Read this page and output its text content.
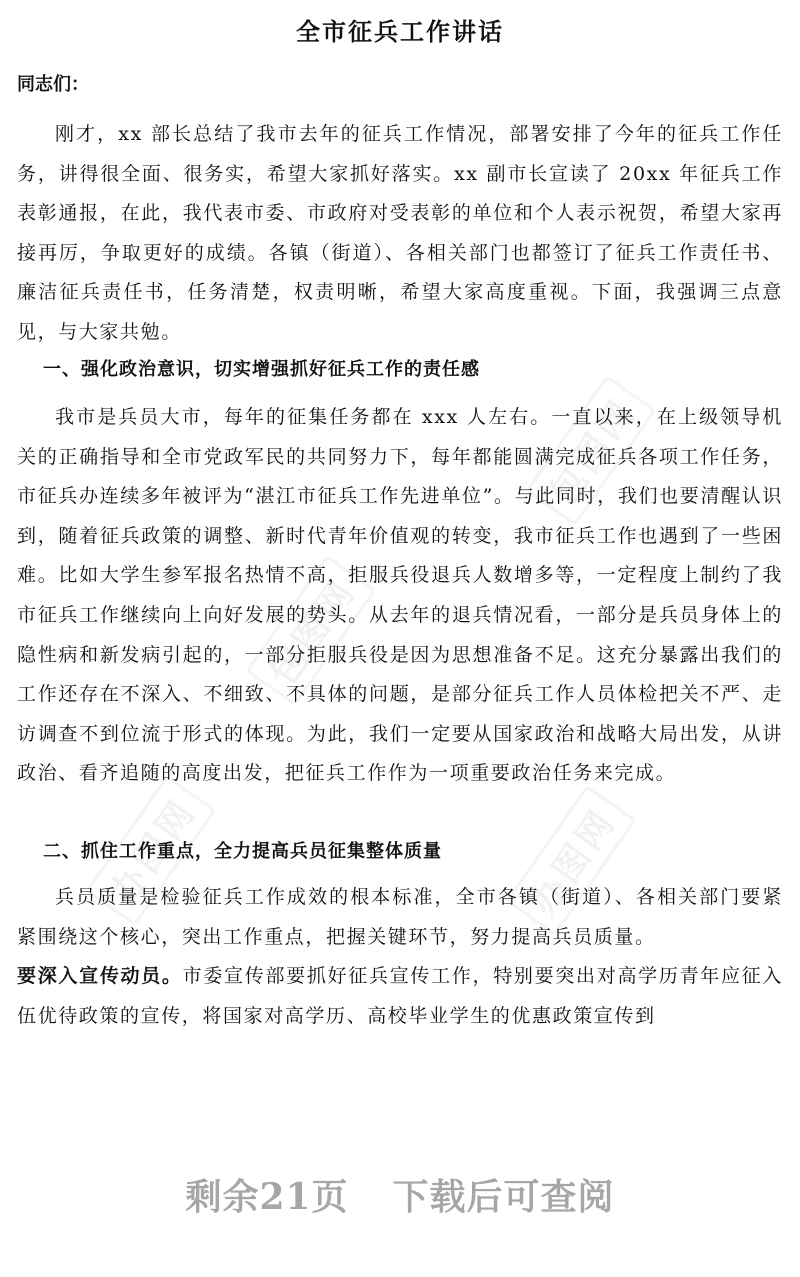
包图网
包图网
办图网	办图网
全市征兵工作讲话
同志们：

刚才，xx 部长总结了我市去年的征兵工作情况，部署安排了今年的征兵工作任务，讲得很全面、很务实，希望大家抓好落实。xx 副市长宣读了 20xx 年征兵工作表彰通报，在此，我代表市委、市政府对受表彰的单位和个人表示祝贺，希望大家再接再厉，争取更好的成绩。各镇（街道）、各相关部门也都签订了征兵工作责任书、廉洁征兵责任书，任务清楚，权责明晰，希望大家高度重视。下面，我强调三点意见，与大家共勉。

一、强化政治意识，切实增强抓好征兵工作的责任感

我市是兵员大市，每年的征集任务都在 xxx 人左右。一直以来，在上级领导机关的正确指导和全市党政军民的共同努力下，每年都能圆满完成征兵各项工作任务，市征兵办连续多年被评为“湛江市征兵工作先进单位”。与此同时，我们也要清醒认识到，随着征兵政策的调整、新时代青年价值观的转变，我市征兵工作也遇到了一些困难。比如大学生参军报名热情不高，拒服兵役退兵人数增多等，一定程度上制约了我市征兵工作继续向上向好发展的势头。从去年的退兵情况看，一部分是兵员身体上的隐性病和新发病引起的，一部分拒服兵役是因为思想准备不足。这充分暴露出我们的工作还存在不深入、不细致、不具体的问题，是部分征兵工作人员体检把关不严、走访调查不到位流于形式的体现。为此，我们一定要从国家政治和战略大局出发，从讲政治、看齐追随的高度出发，把征兵工作作为一项重要政治任务来完成。

二、抓住工作重点，全力提高兵员征集整体质量

兵员质量是检验征兵工作成效的根本标准，全市各镇（街道）、各相关部门要紧紧围绕这个核心，突出工作重点，把握关键环节，努力提高兵员质量。

要深入宣传动员。市委宣传部要抓好征兵宣传工作，特别要突出对高学历青年应征入伍优待政策的宣传，将国家对高学历、高校毕业学生的优惠政策宣传到

剩余21页 下载后可查阅
